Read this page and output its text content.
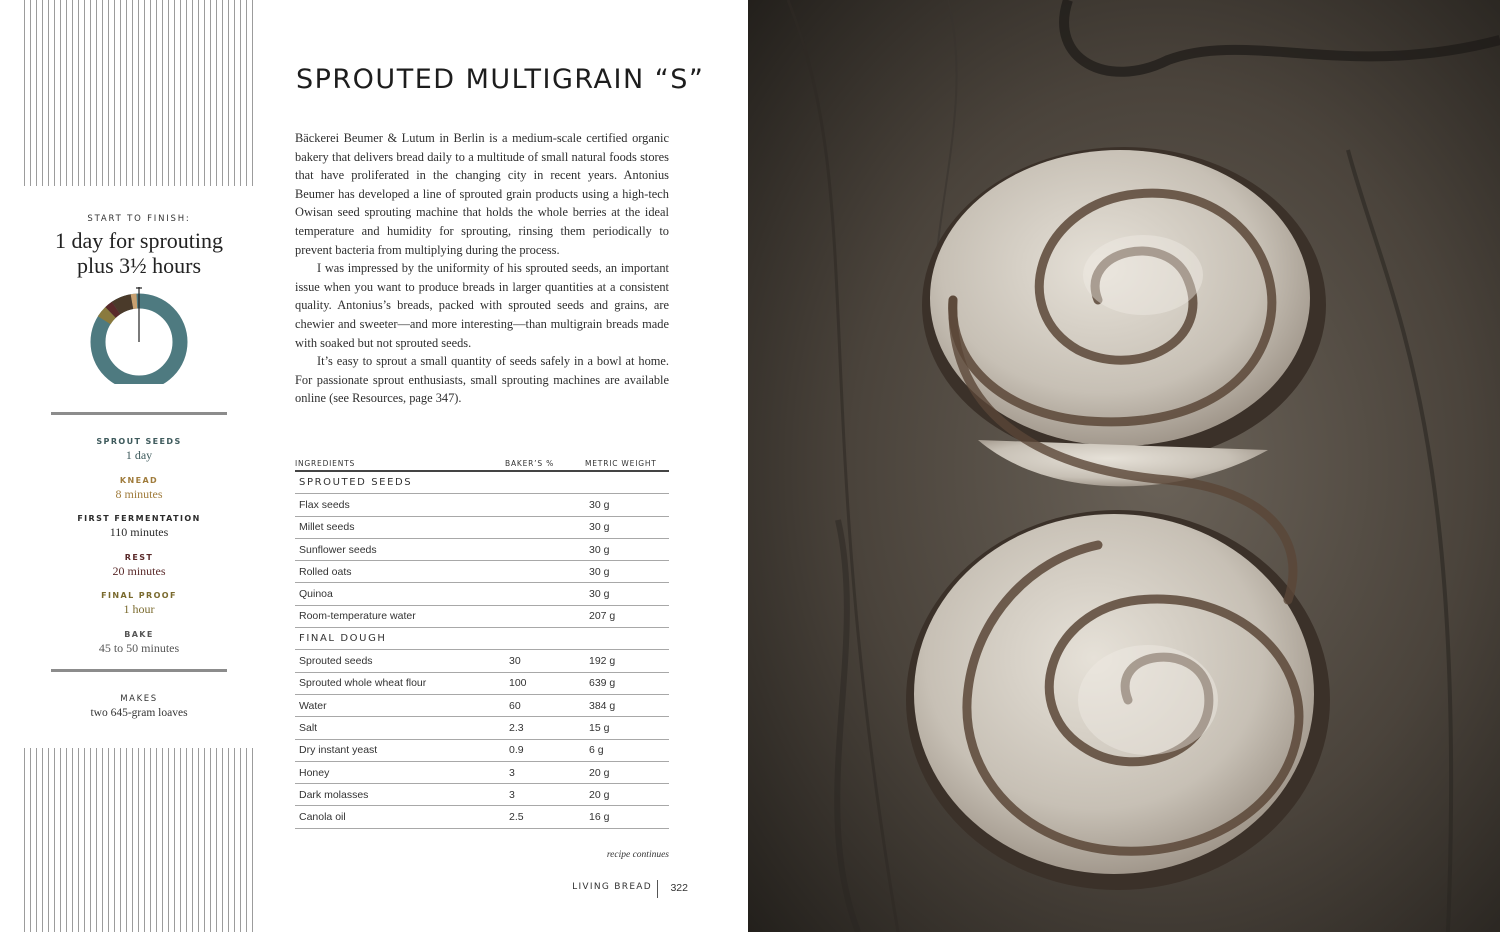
START TO FINISH:
1 day for sprouting
plus 3½ hours
SPROUT SEEDS
1 day
KNEAD
8 minutes
FIRST FERMENTATION
110 minutes
REST
20 minutes
FINAL PROOF
1 hour
BAKE
45 to 50 minutes
MAKES
two 645-gram loaves
SPROUTED MULTIGRAIN “S”

Bäckerei Beumer & Lutum in Berlin is a medium-scale certified organic bakery that delivers bread daily to a multitude of small natural foods stores that have proliferated in the changing city in recent years. Antonius Beumer has developed a line of sprouted grain products using a high-tech Owisan seed sprouting machine that holds the whole berries at the ideal temperature and humidity for sprouting, rinsing them periodically to prevent bacteria from multiplying during the process.

I was impressed by the uniformity of his sprouted seeds, an important issue when you want to produce breads in larger quantities at a consistent quality. Antonius’s breads, packed with sprouted seeds and grains, are chewier and sweeter—and more interesting—than multigrain breads made with soaked but not sprouted seeds.

It’s easy to sprout a small quantity of seeds safely in a bowl at home. For passionate sprout enthusiasts, small sprouting machines are available online (see Resources, page 347).

INGREDIENTS	BAKER’S %	METRIC WEIGHT
SPROUTED SEEDS		
Flax seeds		30 g
Millet seeds		30 g
Sunflower seeds		30 g
Rolled oats		30 g
Quinoa		30 g
Room-temperature water		207 g
FINAL DOUGH		
Sprouted seeds	30	192 g
Sprouted whole wheat flour	100	639 g
Water	60	384 g
Salt	2.3	15 g
Dry instant yeast	0.9	6 g
Honey	3	20 g
Dark molasses	3	20 g
Canola oil	2.5	16 g
recipe continues
LIVING BREAD 322
